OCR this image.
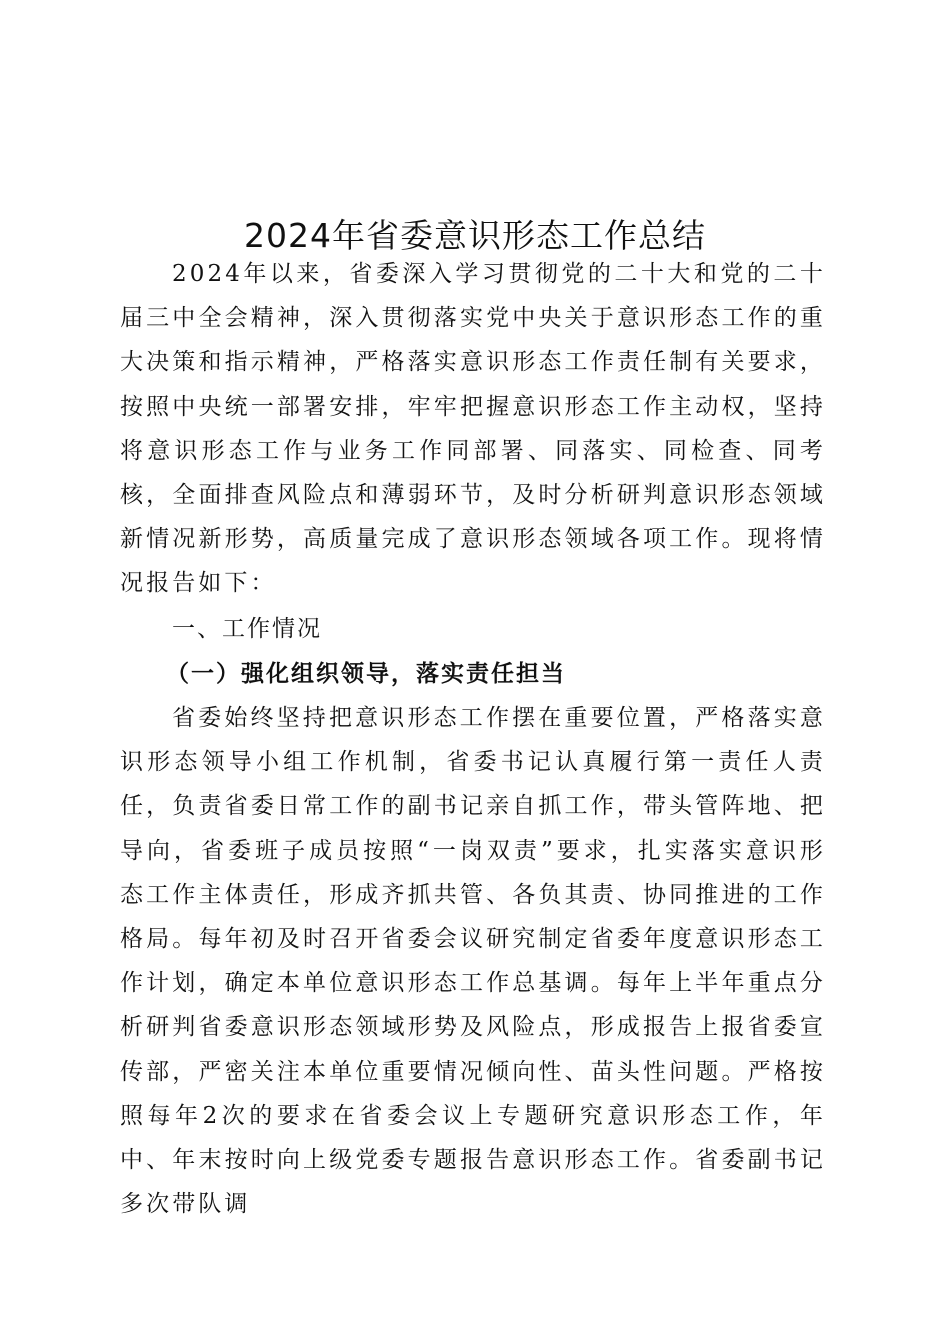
2024年省委意识形态工作总结

2024年以来，省委深入学习贯彻党的二十大和党的二十届三中全会精神，深入贯彻落实党中央关于意识形态工作的重大决策和指示精神，严格落实意识形态工作责任制有关要求，按照中央统一部署安排，牢牢把握意识形态工作主动权，坚持将意识形态工作与业务工作同部署、同落实、同检查、同考核，全面排查风险点和薄弱环节，及时分析研判意识形态领域新情况新形势，高质量完成了意识形态领域各项工作。现将情况报告如下：

一、工作情况

（一）强化组织领导，落实责任担当

省委始终坚持把意识形态工作摆在重要位置，严格落实意识形态领导小组工作机制，省委书记认真履行第一责任人责任，负责省委日常工作的副书记亲自抓工作，带头管阵地、把导向，省委班子成员按照“一岗双责”要求，扎实落实意识形态工作主体责任，形成齐抓共管、各负其责、协同推进的工作格局。每年初及时召开省委会议研究制定省委年度意识形态工作计划，确定本单位意识形态工作总基调。每年上半年重点分析研判省委意识形态领域形势及风险点，形成报告上报省委宣传部，严密关注本单位重要情况倾向性、苗头性问题。严格按照每年2次的要求在省委会议上专题研究意识形态工作，年中、年末按时向上级党委专题报告意识形态工作。省委副书记多次带队调
